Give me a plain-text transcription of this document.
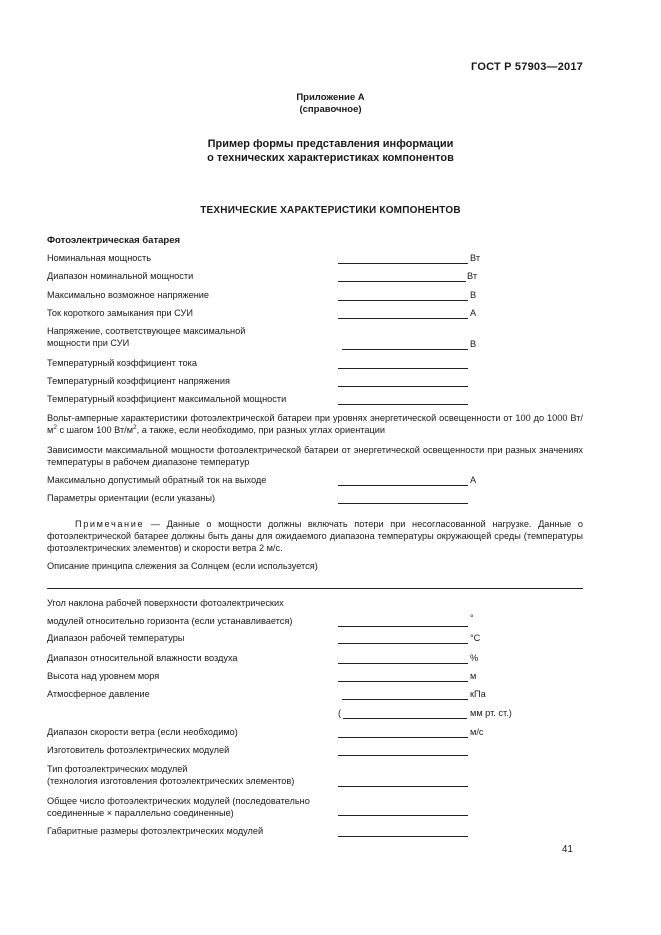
ГОСТ Р 57903—2017
Приложение А
(справочное)
Пример формы представления информации
о технических характеристиках компонентов
ТЕХНИЧЕСКИЕ ХАРАКТЕРИСТИКИ КОМПОНЕНТОВ
Фотоэлектрическая батарея
Номинальная мощность	Вт
Диапазон номинальной мощности	Вт
Максимально возможное напряжение	В
Ток короткого замыкания при СУИ	А
Напряжение, соответствующее максимальной
мощности при СУИ	В
Температурный коэффициент тока
Температурный коэффициент напряжения
Температурный коэффициент максимальной мощности
Вольт-амперные характеристики фотоэлектрической батареи при уровнях энергетической освещенности от 100 до 1000 $Вт/м^2$ с шагом 100 $Вт/м^2$, а также, если необходимо, при разных углах ориентации
Зависимости максимальной мощности фотоэлектрической батареи от энергетической освещенности при разных значениях температуры в рабочем диапазоне температур
Максимально допустимый обратный ток на выходе	А
Параметры ориентации (если указаны)
Примечание — Данные о мощности должны включать потери при несогласованной нагрузке. Данные о фотоэлектрической батарее должны быть даны для ожидаемого диапазона температуры окружающей среды (температуры фотоэлектрических элементов) и скорости ветра 2 м/с.
Описание принципа слежения за Солнцем (если используется)
Угол наклона рабочей поверхности фотоэлектрических
модулей относительно горизонта (если устанавливается)	°
Диапазон рабочей температуры	°С
Диапазон относительной влажности воздуха	%
Высота над уровнем моря	м
Атмосферное давление	кПа
(	мм рт. ст.)
Диапазон скорости ветра (если необходимо)	м/с
Изготовитель фотоэлектрических модулей
Тип фотоэлектрических модулей
(технология изготовления фотоэлектрических элементов)
Общее число фотоэлектрических модулей (последовательно
соединенные × параллельно соединенные)
Габаритные размеры фотоэлектрических модулей
41
